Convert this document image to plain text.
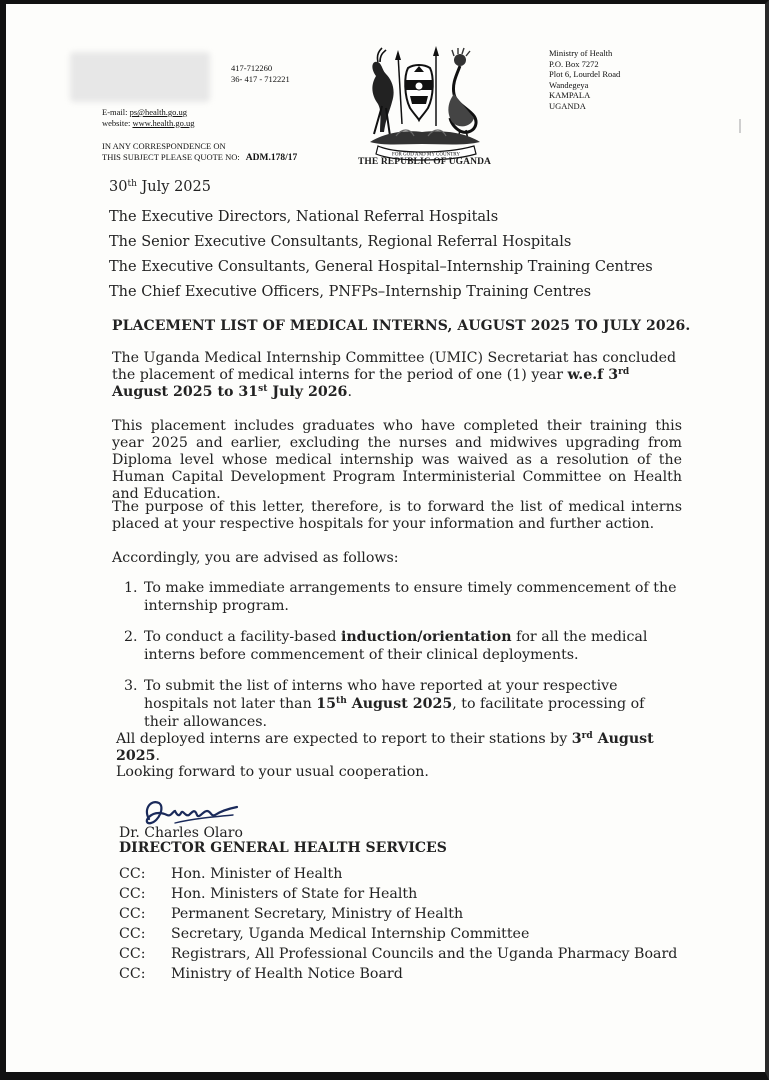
417-712260
36- 417 - 712221
E-mail: ps@health.go.ug
website: www.health.go.ug
IN ANY CORRESPONDENCE ON
THIS SUBJECT PLEASE QUOTE NO: ADM.178/17	FOR GOD AND MY COUNTRY
THE REPUBLIC OF UGANDA
Ministry of Health
P.O. Box 7272
Plot 6, Lourdel Road
Wandegeya
KAMPALA
UGANDA
30th July 2025
The Executive Directors, National Referral Hospitals
The Senior Executive Consultants, Regional Referral Hospitals
The Executive Consultants, General Hospital–Internship Training Centres
The Chief Executive Officers, PNFPs–Internship Training Centres
PLACEMENT LIST OF MEDICAL INTERNS, AUGUST 2025 TO JULY 2026.
The Uganda Medical Internship Committee (UMIC) Secretariat has concluded the placement of medical interns for the period of one (1) year w.e.f 3rd August 2025 to 31st July 2026.
This placement includes graduates who have completed their training this year 2025 and earlier, excluding the nurses and midwives upgrading from Diploma level whose medical internship was waived as a resolution of the Human Capital Development Program Interministerial Committee on Health and Education.
The purpose of this letter, therefore, is to forward the list of medical interns placed at your respective hospitals for your information and further action.
Accordingly, you are advised as follows:
1. To make immediate arrangements to ensure timely commencement of the internship program.
2. To conduct a facility-based induction/orientation for all the medical interns before commencement of their clinical deployments.
3. To submit the list of interns who have reported at your respective hospitals not later than 15th August 2025, to facilitate processing of their allowances.
All deployed interns are expected to report to their stations by 3rd August 2025.
Looking forward to your usual cooperation.
Dr. Charles Olaro
DIRECTOR GENERAL HEALTH SERVICES
CC: Hon. Minister of Health
CC: Hon. Ministers of State for Health
CC: Permanent Secretary, Ministry of Health
CC: Secretary, Uganda Medical Internship Committee
CC: Registrars, All Professional Councils and the Uganda Pharmacy Board
CC: Ministry of Health Notice Board
